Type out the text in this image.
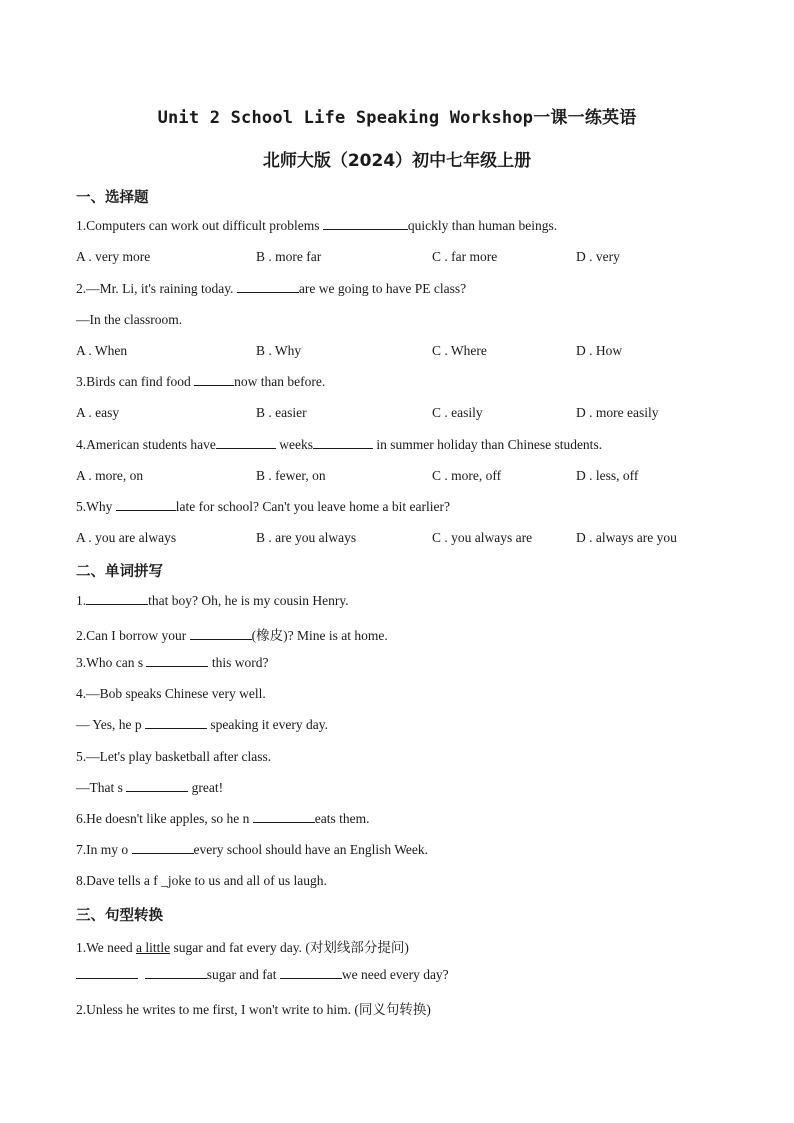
Unit 2 School Life Speaking Workshop一课一练英语
北师大版（2024）初中七年级上册
一、选择题
1.Computers can work out difficult problems	quickly than human beings.
A . very more	B . more far	C . far more	D . very
2.—Mr. Li, it's raining today.	are we going to have PE class?
—In the classroom.
A . When	B . Why	C . Where	D . How
3.Birds can find food	now than before.
A . easy	B . easier	C . easily	D . more easily
4.American students have	weeks	in summer holiday than Chinese students.
A . more, on	B . fewer, on	C . more, off	D . less, off
5.Why	late for school? Can't you leave home a bit earlier?
A . you are always	B . are you always	C . you always are	D . always are you
二、单词拼写
1.	that boy? Oh, he is my cousin Henry.
2.Can I borrow your	(橡皮)? Mine is at home.
3.Who can s	this word?
4.—Bob speaks Chinese very well.
— Yes, he p	speaking it every day.
5.—Let's play basketball after class.
—That s	great!
6.He doesn't like apples, so he n	eats them.
7.In my o	every school should have an English Week.
8.Dave tells a f _joke to us and all of us laugh.
三、句型转换
1.We need a little sugar and fat every day. (对划线部分提问)
sugar and fat	we need every day?
2.Unless he writes to me first, I won't write to him. (同义句转换)
